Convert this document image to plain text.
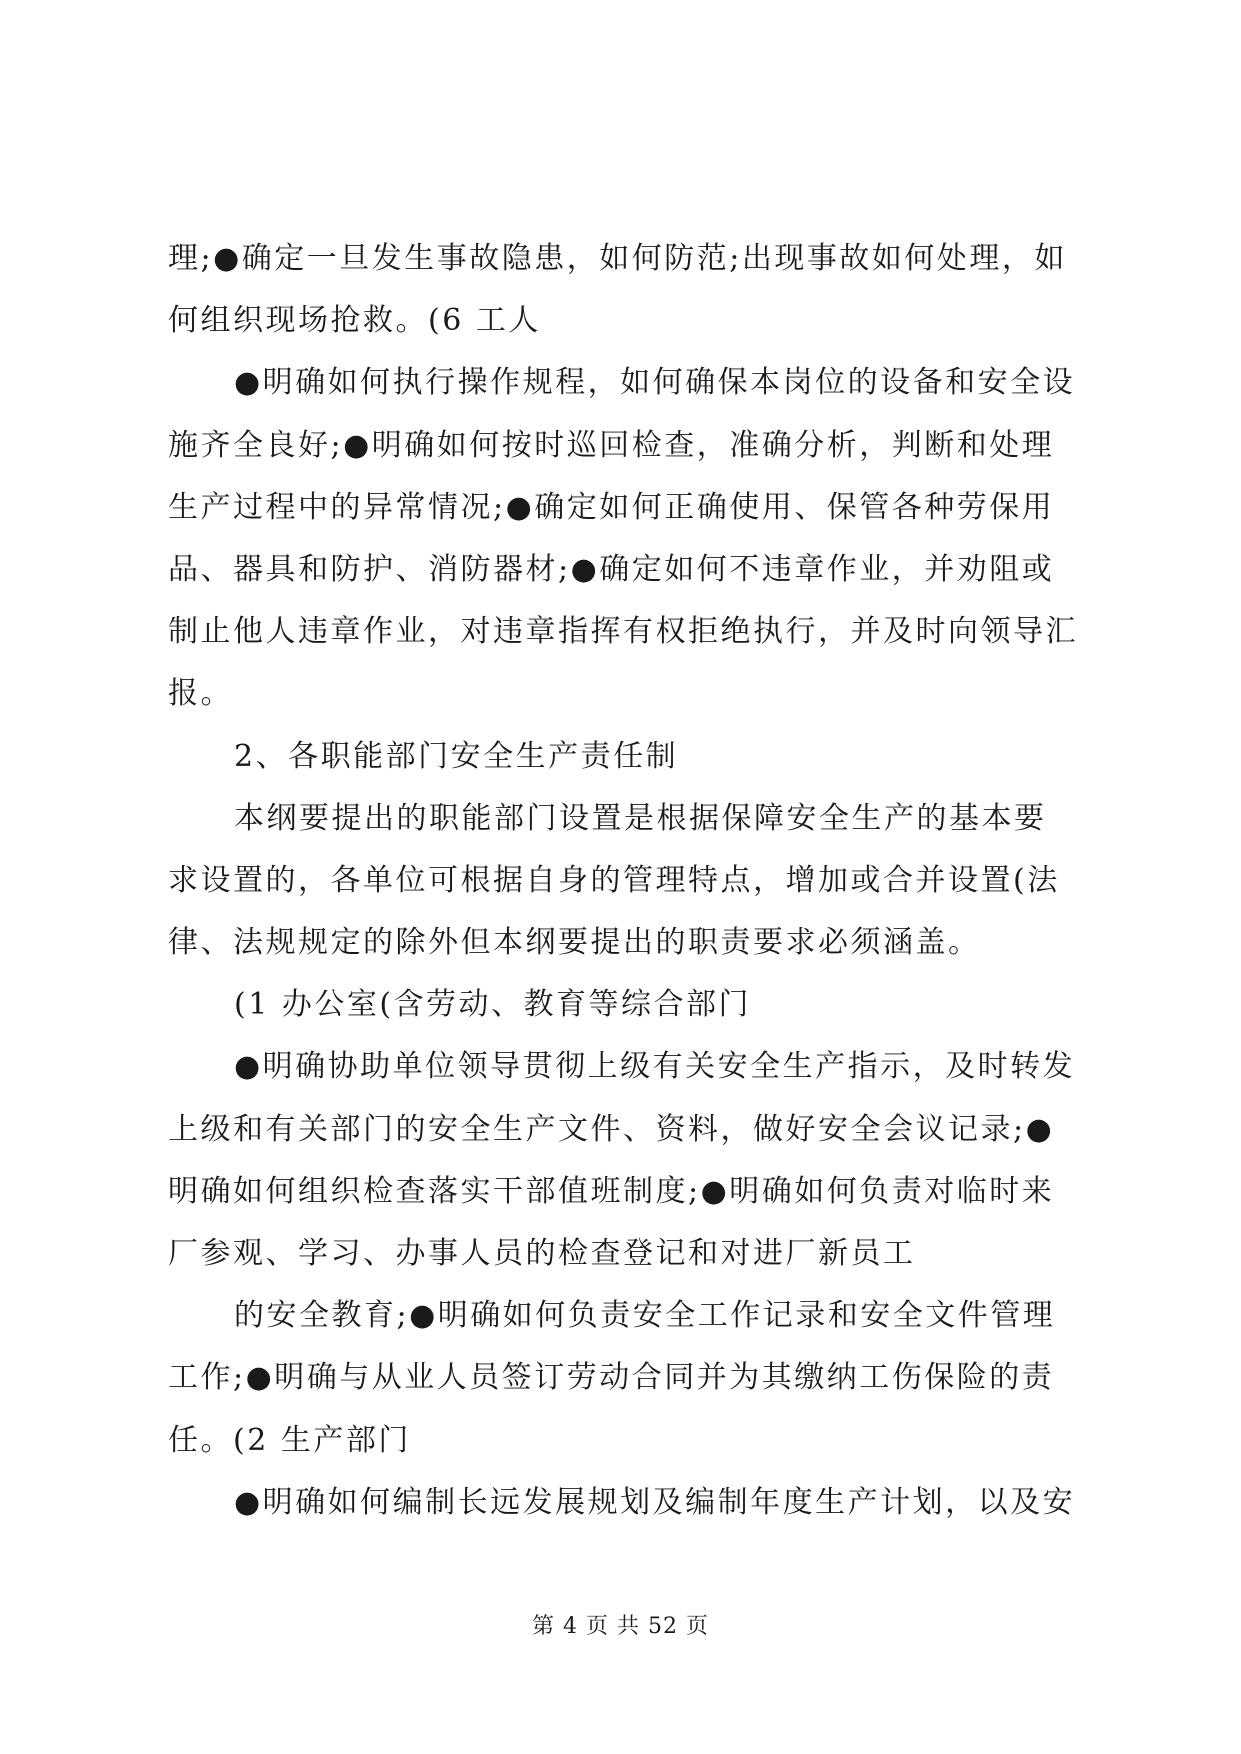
理;●确定一旦发生事故隐患，如何防范;出现事故如何处理，如
何组织现场抢救。(6 工人
●明确如何执行操作规程，如何确保本岗位的设备和安全设
施齐全良好;●明确如何按时巡回检查，准确分析，判断和处理
生产过程中的异常情况;●确定如何正确使用、保管各种劳保用
品、器具和防护、消防器材;●确定如何不违章作业，并劝阻或
制止他人违章作业，对违章指挥有权拒绝执行，并及时向领导汇
报。
2、各职能部门安全生产责任制
本纲要提出的职能部门设置是根据保障安全生产的基本要
求设置的，各单位可根据自身的管理特点，增加或合并设置(法
律、法规规定的除外但本纲要提出的职责要求必须涵盖。
(1 办公室(含劳动、教育等综合部门
●明确协助单位领导贯彻上级有关安全生产指示，及时转发
上级和有关部门的安全生产文件、资料，做好安全会议记录;●
明确如何组织检查落实干部值班制度;●明确如何负责对临时来
厂参观、学习、办事人员的检查登记和对进厂新员工
的安全教育;●明确如何负责安全工作记录和安全文件管理
工作;●明确与从业人员签订劳动合同并为其缴纳工伤保险的责
任。(2 生产部门
●明确如何编制长远发展规划及编制年度生产计划，以及安
第 4 页 共 52 页
